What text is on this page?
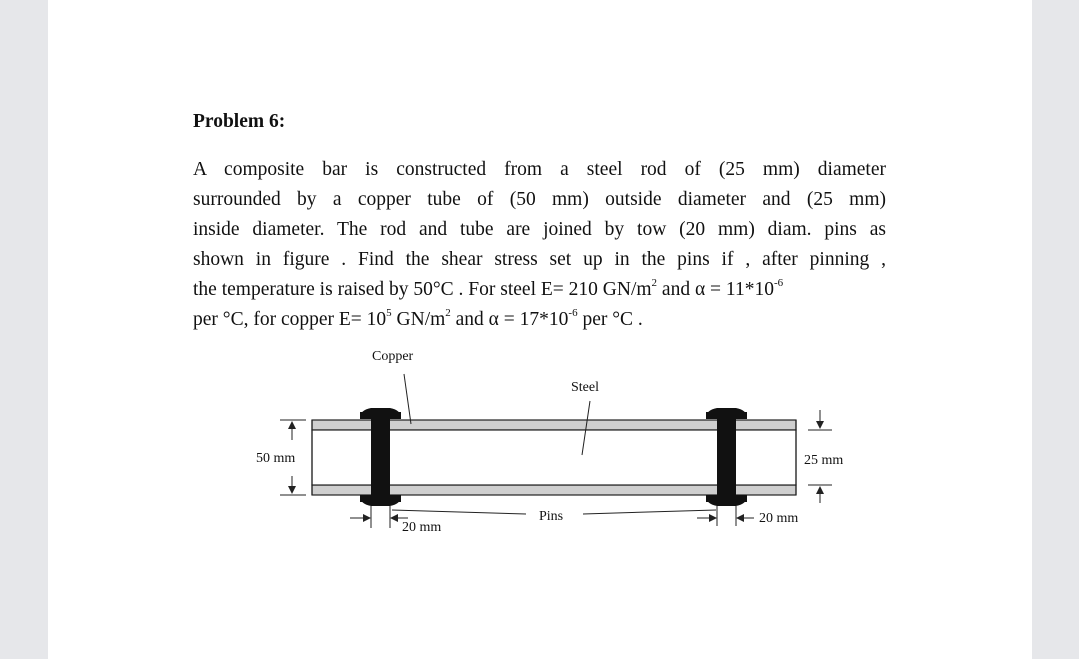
Problem 6:
A composite bar is constructed from a steel rod of (25 mm) diameter
surrounded by a copper tube of (50 mm) outside diameter and (25 mm)
inside diameter. The rod and tube are joined by tow (20 mm) diam. pins as
shown in figure . Find the shear stress set up in the pins if , after pinning ,
the temperature is raised by 50°C . For steel E= 210 $GN/m^2$ and $\alpha = 11*10^{-6}$
per °C, for copper $E= 10^5$ $GN/m^2$ and $\alpha = 17*10^{-6}$ per °C .
Copper
Steel
Pins
50 mm	25 mm
20 mm
20 mm
